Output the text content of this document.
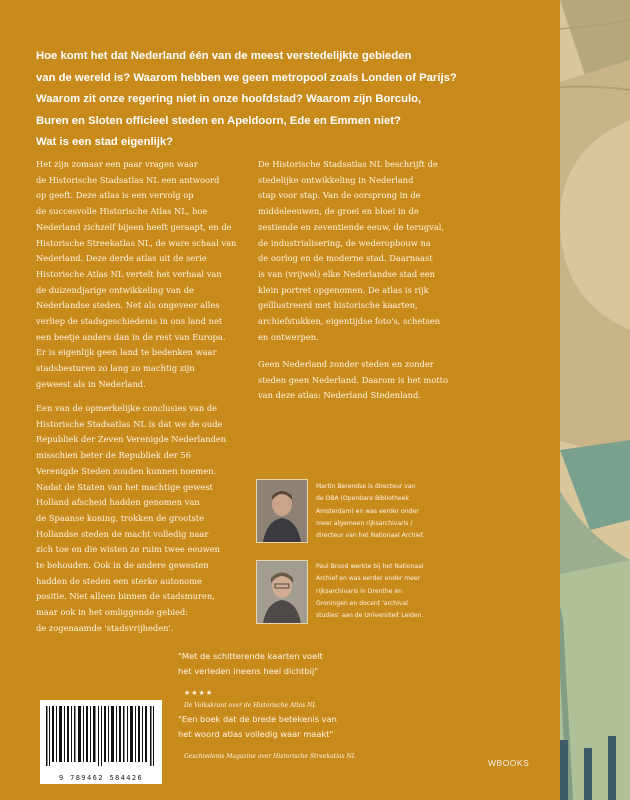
Hoe komt het dat Nederland één van de meest verstedelijkte gebieden
van de wereld is? Waarom hebben we geen metropool zoals Londen of Parijs?
Waarom zit onze regering niet in onze hoofdstad? Waarom zijn Borculo,
Buren en Sloten officieel steden en Apeldoorn, Ede en Emmen niet?
Wat is een stad eigenlijk?
Het zijn zomaar een paar vragen waar
de Historische Stadsatlas NL een antwoord
op geeft. Deze atlas is een vervolg op
de succesvolle Historische Atlas NL, hoe
Nederland zichzelf bijeen heeft geraapt, en de
Historische Streekatlas NL, de ware schaal van
Nederland. Deze derde atlas uit de serie
Historische Atlas NL vertelt het verhaal van
de duizendjarige ontwikkeling van de
Nederlandse steden. Net als ongeveer alles
verliep de stadsgeschiedenis in ons land net
een beetje anders dan in de rest van Europa.
Er is eigenlijk geen land te bedenken waar
stadsbesturen zo lang zo machtig zijn
geweest als in Nederland.
Een van de opmerkelijke conclusies van de
Historische Stadsatlas NL is dat we de oude
Republiek der Zeven Verenigde Nederlanden
misschien beter de Republiek der 56
Verenigde Steden zouden kunnen noemen.
Nadat de Staten van het machtige gewest
Holland afscheid hadden genomen van
de Spaanse koning, trokken de grootste
Hollandse steden de macht volledig naar
zich toe en die wisten ze ruim twee eeuwen
te behouden. Ook in de andere gewesten
hadden de steden een sterke autonome
positie. Niet alleen binnen de stadsmuren,
maar ook in het omliggende gebied:
de zogenaamde 'stadsvrijheden'.
De Historische Stadsatlas NL beschrijft de
stedelijke ontwikkeling in Nederland
stap voor stap. Van de oorsprong in de
middeleeuwen, de groei en bloei in de
zestiende en zeventiende eeuw, de terugval,
de industrialisering, de wederopbouw na
de oorlog en de moderne stad. Daarnaast
is van (vrijwel) elke Nederlandse stad een
klein portret opgenomen. De atlas is rijk
geïllustreerd met historische kaarten,
archiefstukken, eigentijdse foto's, schetsen
en ontwerpen.
Geen Nederland zonder steden en zonder
steden geen Nederland. Daarom is het motto
van deze atlas: Nederland Stedenland.
Martin Berendse is directeur van
de OBA (Openbare Bibliotheek
Amsterdam) en was eerder onder
meer algemeen rijksarchivaris /
directeur van het Nationaal Archief.
Paul Brood werkte bij het Nationaal
Archief en was eerder onder meer
rijksarchivaris in Drenthe en
Groningen en docent 'archival
studies' aan de Universiteit Leiden.
"Met de schitterende kaarten voelt
het verleden ineens heel dichtbij"
★★★★
De Volkskrant over de Historische Atlas NL
"Een boek dat de brede betekenis van
het woord atlas volledig waar maakt"
Geschiedenis Magazine over Historische Streekatlas NL
9 789462 584426
WBOOKS
